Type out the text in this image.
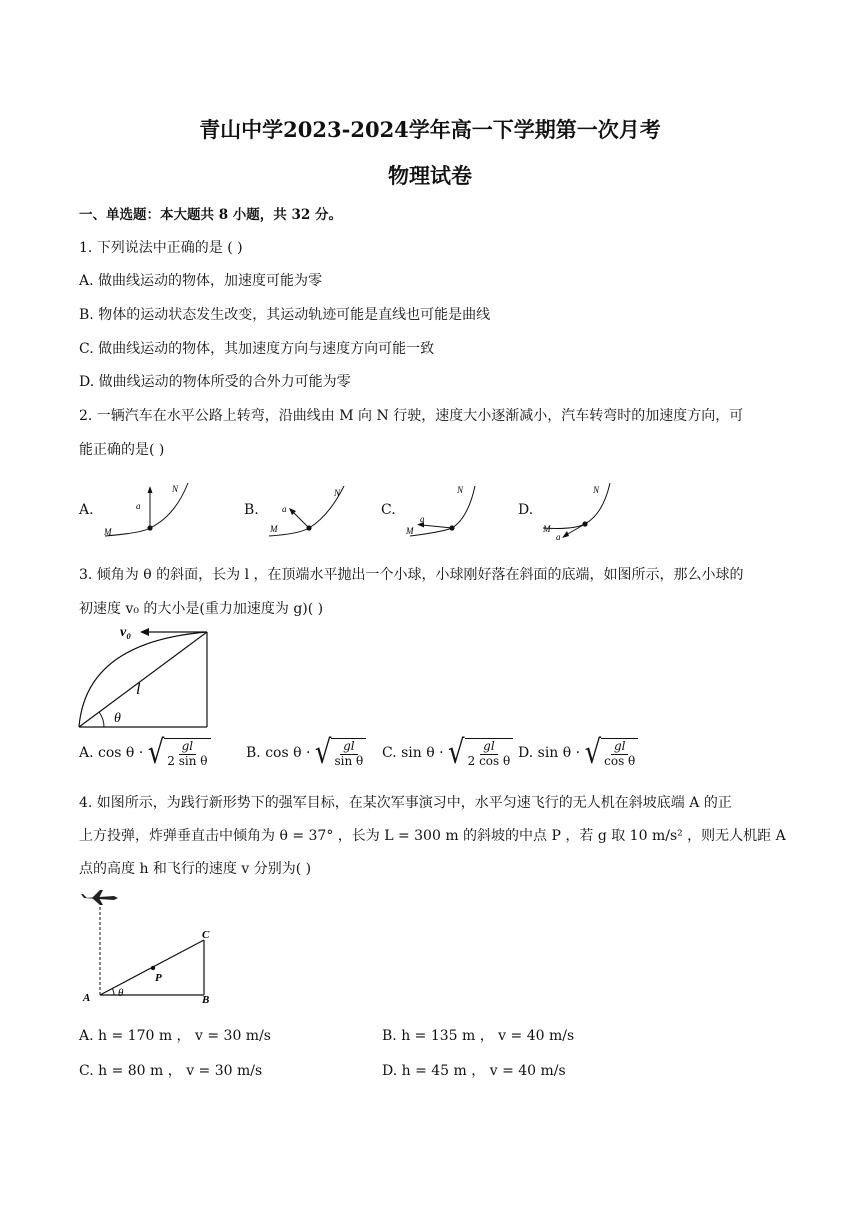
青山中学2023-2024学年高一下学期第一次月考
物理试卷
一、单选题：本大题共 8 小题，共 32 分。
1. 下列说法中正确的是 ( )
A. 做曲线运动的物体，加速度可能为零
B. 物体的运动状态发生改变，其运动轨迹可能是直线也可能是曲线
C. 做曲线运动的物体，其加速度方向与速度方向可能一致
D. 做曲线运动的物体所受的合外力可能为零
2. 一辆汽车在水平公路上转弯，沿曲线由 M 向 N 行驶，速度大小逐渐减小，汽车转弯时的加速度方向，可
能正确的是( )
A.	a
N
M
B.	a
N
M
C.
a
N
M
D.
a
N
M
3. 倾角为 θ 的斜面，长为 l ，在顶端水平抛出一个小球，小球刚好落在斜面的底端，如图所示，那么小球的
初速度 v₀ 的大小是(重力加速度为 g)( )
v₀
l
θ
A.
cos θ ·
√ $\frac{gl}{\text{2 sin θ}}$	B.
cos θ ·
√ $\frac{gl}{\text{sin θ}} C$.
sin θ ·
√ $\frac{gl}{\text{2 cos θ}} D$.
sin θ ·
√ $\frac{gl}{\text{cos θ}}$
4. 如图所示，为践行新形势下的强军目标，在某次军事演习中，水平匀速飞行的无人机在斜坡底端 A 的正
上方投弹，炸弹垂直击中倾角为 θ = 37° ，长为 L = 300 m 的斜坡的中点 P ，若 g 取 10 m/s² ，则无人机距 A
点的高度 h 和飞行的速度 v 分别为( )
A	B
C
P
θ
A. h = 170 m ， v = 30 m/s	B. h = 135 m ， v = 40 m/s
C. h = 80 m ， v = 30 m/s	D. h = 45 m ， v = 40 m/s
